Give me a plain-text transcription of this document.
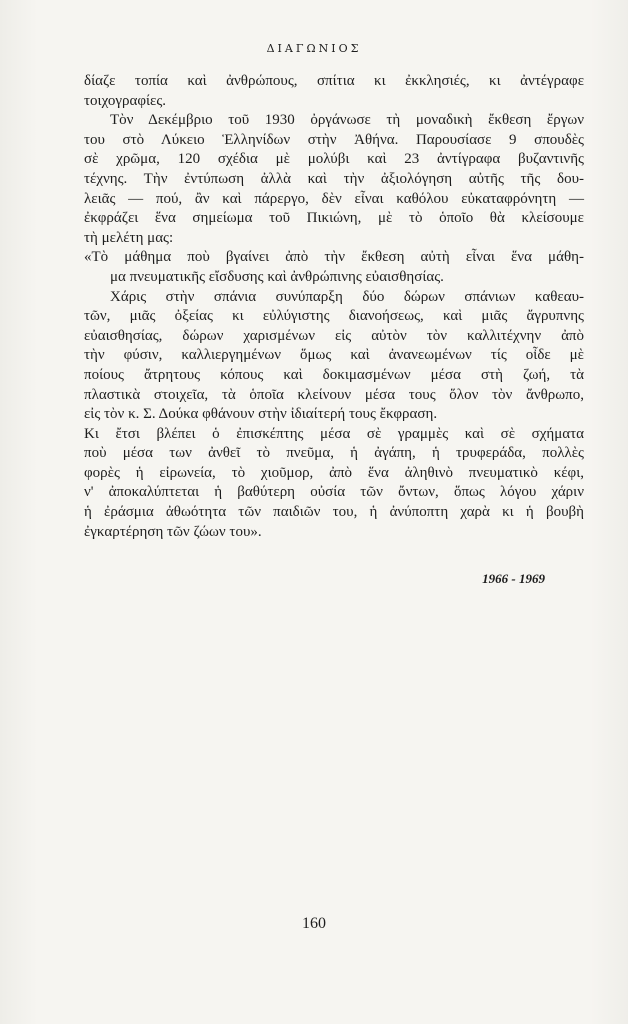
ΔΙΑΓΩΝΙΟΣ
δίαζε τοπία καὶ ἀνθρώπους, σπίτια κι ἐκκλησιές, κι ἀντέγραφε
τοιχογραφίες.
Τὸν Δεκέμβριο τοῦ 1930 ὀργάνωσε τὴ μοναδικὴ ἔκθεση ἔργων
του στὸ Λύκειο Ἑλληνίδων στὴν Ἀθήνα. Παρουσίασε 9 σπουδὲς
σὲ χρῶμα, 120 σχέδια μὲ μολύβι καὶ 23 ἀντίγραφα βυζαντινῆς
τέχνης. Τὴν ἐντύπωση ἀλλὰ καὶ τὴν ἀξιολόγηση αὐτῆς τῆς δου-
λειᾶς — πού, ἂν καὶ πάρεργο, δὲν εἶναι καθόλου εὐκαταφρόνητη —
ἐκφράζει ἕνα σημείωμα τοῦ Πικιώνη, μὲ τὸ ὁποῖο θὰ κλείσουμε
τὴ μελέτη μας:
«Τὸ μάθημα ποὺ βγαίνει ἀπὸ τὴν ἔκθεση αὐτὴ εἶναι ἕνα μάθη-
μα πνευματικῆς εἴσδυσης καὶ ἀνθρώπινης εὐαισθησίας.
Χάρις στὴν σπάνια συνύπαρξη δύο δώρων σπάνιων καθεαυ-
τῶν, μιᾶς ὀξείας κι εὐλύγιστης διανοήσεως, καὶ μιᾶς ἄγρυπνης
εὐαισθησίας, δώρων χαρισμένων εἰς αὐτὸν τὸν καλλιτέχνην ἀπὸ
τὴν φύσιν, καλλιεργημένων ὅμως καὶ ἀνανεωμένων τίς οἶδε μὲ
ποίους ἄτρητους κόπους καὶ δοκιμασμένων μέσα στὴ ζωή, τὰ
πλαστικὰ στοιχεῖα, τὰ ὁποῖα κλείνουν μέσα τους ὅλον τὸν ἄνθρωπο,
εἰς τὸν κ. Σ. Δούκα φθάνουν στὴν ἰδιαίτερή τους ἔκφραση.
Κι ἔτσι βλέπει ὁ ἐπισκέπτης μέσα σὲ γραμμὲς καὶ σὲ σχήματα
ποὺ μέσα των ἀνθεῖ τὸ πνεῦμα, ἡ ἀγάπη, ἡ τρυφεράδα, πολλὲς
φορὲς ἡ εἰρωνεία, τὸ χιοῦμορ, ἀπὸ ἕνα ἀληθινὸ πνευματικὸ κέφι,
ν' ἀποκαλύπτεται ἡ βαθύτερη οὐσία τῶν ὄντων, ὅπως λόγου χάριν
ἡ ἐράσμια ἀθωότητα τῶν παιδιῶν του, ἡ ἀνύποπτη χαρὰ κι ἡ βουβὴ
ἐγκαρτέρηση τῶν ζώων του».
1966 - 1969
160
